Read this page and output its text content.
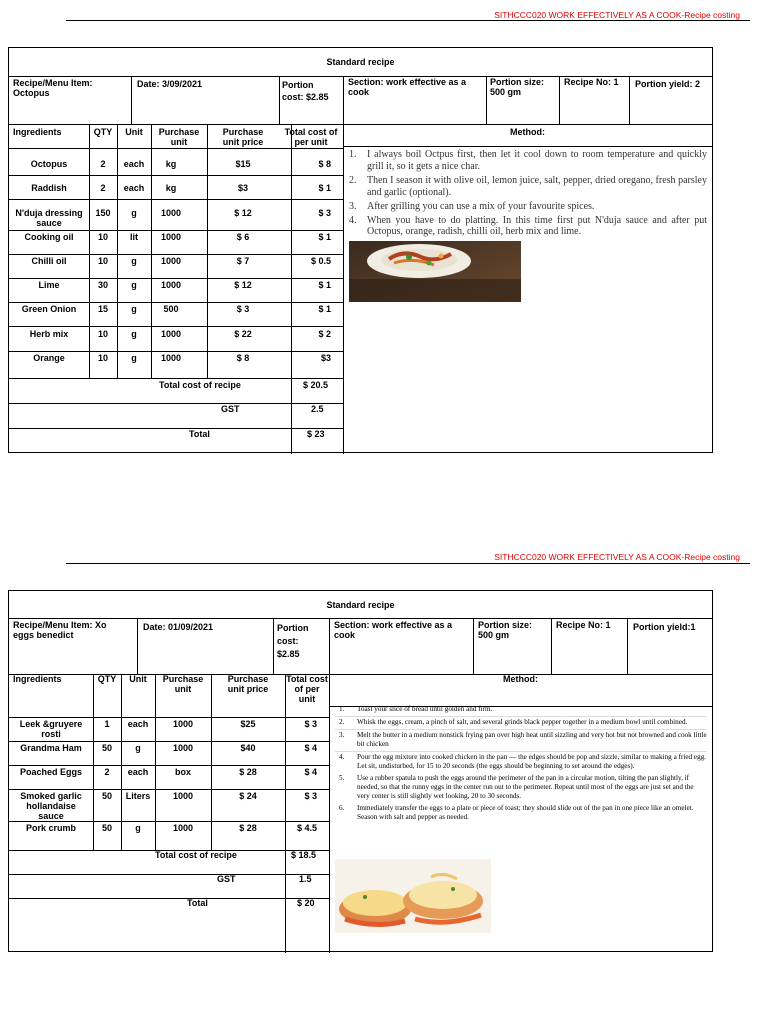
SITHCCC020 WORK EFFECTIVELY AS A COOK-Recipe costing
Standard recipe
Recipe/Menu Item:
Octopus
Date: 3/09/2021	Portion
cost: $2.85
Section: work effective as a
cook
Portion size:
500 gm
Recipe No: 1	Portion yield: 2
Ingredients	QTY	Unit	Purchase
unit
Purchase
unit price
Total cost of
per unit
Method:
Octopus	2	each	kg	$15	$ 8
Raddish	2	each	kg	$3	$ 1
N'duja dressing
sauce
150	g	1000	$ 12	$ 3
Cooking oil	10	lit	1000	$ 6	$ 1
Chilli oil	10	g	1000	$ 7	$ 0.5
Lime	30	g	1000	$ 12	$ 1
Green Onion	15	g	500	$ 3	$ 1
Herb mix	10	g	1000	$ 22	$ 2
Orange	10	g	1000	$ 8	$3
Total cost of recipe	$ 20.5
GST	2.5
Total	$ 23
1. I always boil Octpus first, then let it cool down to room temperature and quickly grill it, so it gets a nice char.
2. Then I season it with olive oil, lemon juice, salt, pepper, dried oregano, fresh parsley and garlic (optional).
3. After grilling you can use a mix of your favourite spices.
4. When you have to do platting. In this time first put N'duja sauce and after put Octopus, orange, radish, chilli oil, herb mix and lime.
SITHCCC020 WORK EFFECTIVELY AS A COOK-Recipe costing
Standard recipe
Recipe/Menu Item: Xo
eggs benedict
Date: 01/09/2021	Portion
cost:
$2.85
Section: work effective as a
cook
Portion size:
500 gm
Recipe No: 1 Portion yield:1
Ingredients	QTY	Unit	Purchase
unit
Purchase
unit price
Total cost
of per
unit
Method:
Leek &gruyere
rosti
1	each	1000	$25	$ 3
Grandma Ham	50	g	1000	$40	$ 4
Poached Eggs	2	each	box	$ 28	$ 4
Smoked garlic
hollandaise
sauce
50	Liters	1000	$ 24	$ 3
Pork crumb	50	g	1000	$ 28	$ 4.5
Total cost of recipe	$ 18.5
GST	1.5
Total	$ 20
1. Toast your slice of bread until golden and firm.
2. Whisk the eggs, cream, a pinch of salt, and several grinds black pepper together in a medium bowl until combined.
3. Melt the butter in a medium nonstick frying pan over high heat until sizzling and very hot but not browned and cook little bit chicken
4. Pour the egg mixture into cooked chicken in the pan — the edges should be pop and sizzle, similar to making a fried egg. Let sit, undisturbed, for 15 to 20 seconds (the eggs should be beginning to set around the edges).
5. Use a rubber spatula to push the eggs around the perimeter of the pan in a circular motion, tilting the pan slightly, if needed, so that the runny eggs in the center run out to the perimeter. Repeat until most of the eggs are just set and the very center is still slightly wet looking, 20 to 30 seconds.
6. Immediately transfer the eggs to a plate or piece of toast; they should slide out of the pan in one piece like an omelet. Season with salt and pepper as needed.
